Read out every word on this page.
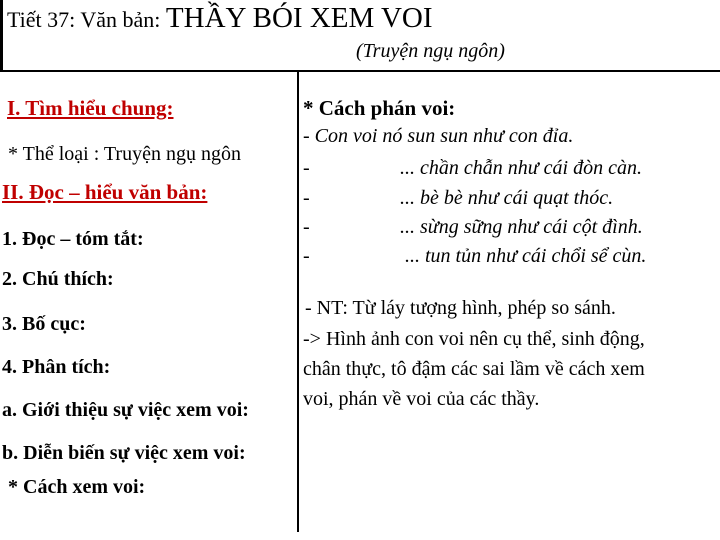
Tiết 37: Văn bản: THẦY BÓI XEM VOI
(Truyện ngụ ngôn)
I. Tìm hiểu chung:
* Thể loại : Truyện ngụ ngôn
II. Đọc – hiểu văn bản:
1. Đọc – tóm tắt:
2. Chú thích:
3. Bố cục:
4. Phân tích:
a. Giới thiệu sự việc xem voi:
b. Diễn biến sự việc xem voi:
* Cách xem voi:
* Cách phán voi:
- Con voi nó sun sun như con đỉa.
-	... chần chẫn như cái đòn càn.
-	... bè bè như cái quạt thóc.
-	... sừng sững như cái cột đình.
-	... tun tủn như cái chổi sể cùn.
- NT: Từ láy tượng hình, phép so sánh.
-> Hình ảnh con voi nên cụ thể, sinh động,
chân thực, tô đậm các sai lầm về cách xem
voi, phán về voi của các thầy.
